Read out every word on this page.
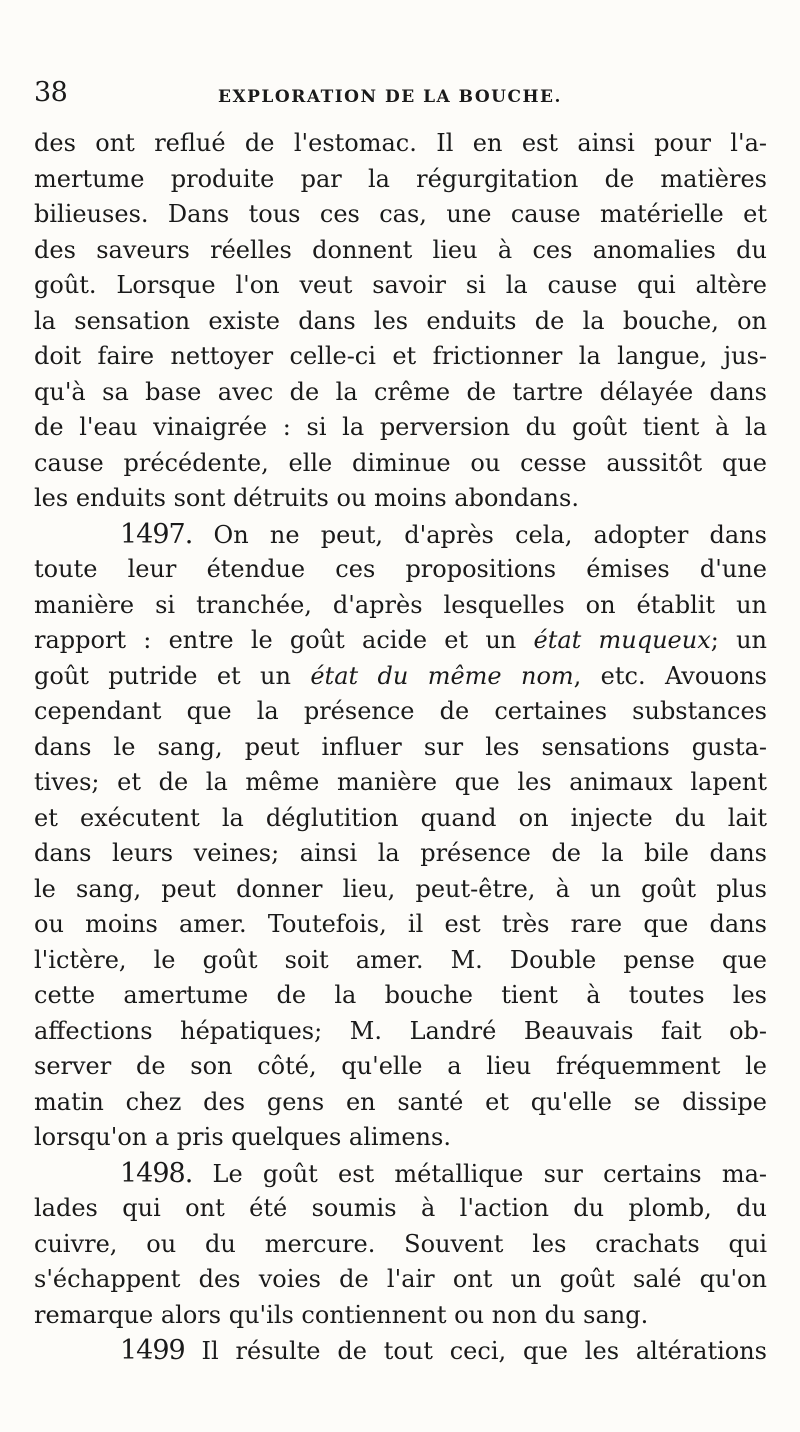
38	EXPLORATION DE LA BOUCHE.
des ont reflué de l'estomac. Il en est ainsi pour l'a-
mertume produite par la régurgitation de matières
bilieuses. Dans tous ces cas, une cause matérielle et
des saveurs réelles donnent lieu à ces anomalies du
goût. Lorsque l'on veut savoir si la cause qui altère
la sensation existe dans les enduits de la bouche, on
doit faire nettoyer celle-ci et frictionner la langue, jus-
qu'à sa base avec de la crême de tartre délayée dans
de l'eau vinaigrée : si la perversion du goût tient à la
cause précédente, elle diminue ou cesse aussitôt que
les enduits sont détruits ou moins abondans.
1497. On ne peut, d'après cela, adopter dans
toute leur étendue ces propositions émises d'une
manière si tranchée, d'après lesquelles on établit un
rapport : entre le goût acide et un état muqueux; un
goût putride et un état du même nom, etc. Avouons
cependant que la présence de certaines substances
dans le sang, peut influer sur les sensations gusta-
tives; et de la même manière que les animaux lapent
et exécutent la déglutition quand on injecte du lait
dans leurs veines; ainsi la présence de la bile dans
le sang, peut donner lieu, peut-être, à un goût plus
ou moins amer. Toutefois, il est très rare que dans
l'ictère, le goût soit amer. M. Double pense que
cette amertume de la bouche tient à toutes les
affections hépatiques; M. Landré Beauvais fait ob-
server de son côté, qu'elle a lieu fréquemment le
matin chez des gens en santé et qu'elle se dissipe
lorsqu'on a pris quelques alimens.
1498. Le goût est métallique sur certains ma-
lades qui ont été soumis à l'action du plomb, du
cuivre, ou du mercure. Souvent les crachats qui
s'échappent des voies de l'air ont un goût salé qu'on
remarque alors qu'ils contiennent ou non du sang.
1499 Il résulte de tout ceci, que les altérations
